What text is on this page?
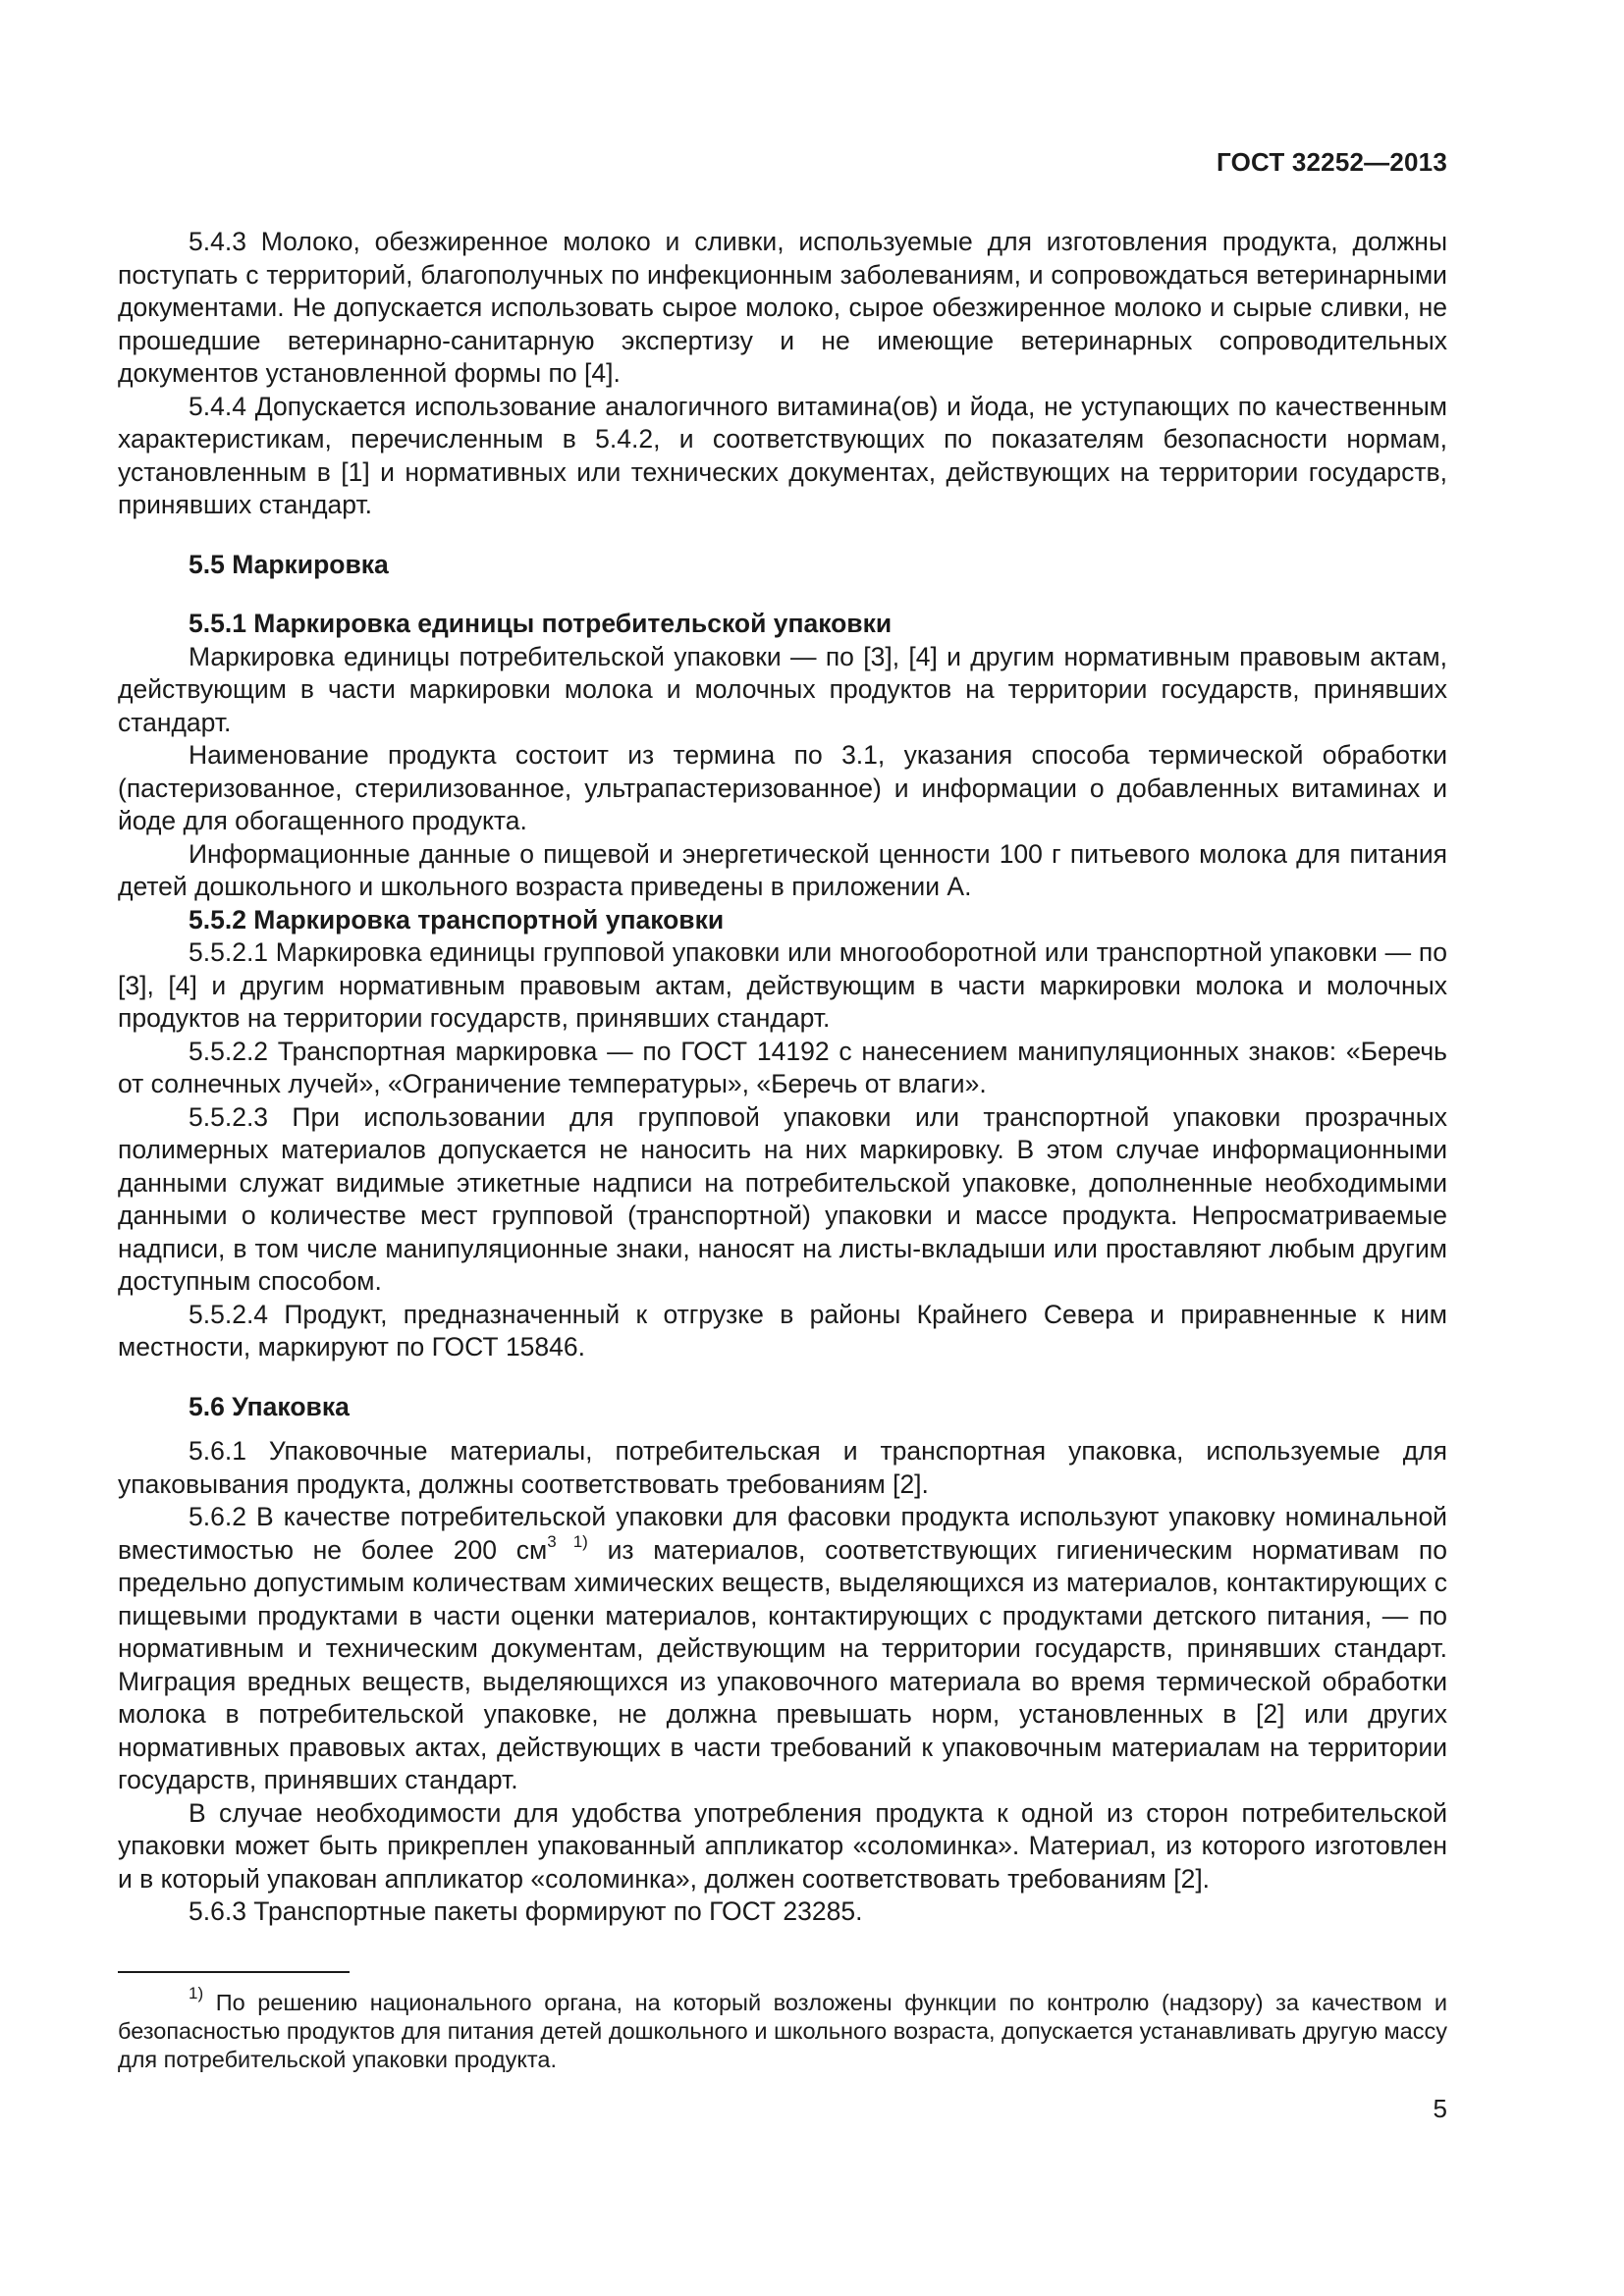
ГОСТ 32252—2013

5.4.3 Молоко, обезжиренное молоко и сливки, используемые для изготовления продукта, должны поступать с территорий, благополучных по инфекционным заболеваниям, и сопровождаться ветеринарными документами. Не допускается использовать сырое молоко, сырое обезжиренное молоко и сырые сливки, не прошедшие ветеринарно-санитарную экспертизу и не имеющие ветеринарных сопроводительных документов установленной формы по [4].

5.4.4 Допускается использование аналогичного витамина(ов) и йода, не уступающих по качественным характеристикам, перечисленным в 5.4.2, и соответствующих по показателям безопасности нормам, установленным в [1] и нормативных или технических документах, действующих на территории государств, принявших стандарт.

5.5 Маркировка
5.5.1 Маркировка единицы потребительской упаковки

Маркировка единицы потребительской упаковки — по [3], [4] и другим нормативным правовым актам, действующим в части маркировки молока и молочных продуктов на территории государств, принявших стандарт.

Наименование продукта состоит из термина по 3.1, указания способа термической обработки (пастеризованное, стерилизованное, ультрапастеризованное) и информации о добавленных витаминах и йоде для обогащенного продукта.

Информационные данные о пищевой и энергетической ценности 100 г питьевого молока для питания детей дошкольного и школьного возраста приведены в приложении А.

5.5.2 Маркировка транспортной упаковки

5.5.2.1 Маркировка единицы групповой упаковки или многооборотной или транспортной упаковки — по [3], [4] и другим нормативным правовым актам, действующим в части маркировки молока и молочных продуктов на территории государств, принявших стандарт.

5.5.2.2 Транспортная маркировка — по ГОСТ 14192 с нанесением манипуляционных знаков: «Беречь от солнечных лучей», «Ограничение температуры», «Беречь от влаги».

5.5.2.3 При использовании для групповой упаковки или транспортной упаковки прозрачных полимерных материалов допускается не наносить на них маркировку. В этом случае информационными данными служат видимые этикетные надписи на потребительской упаковке, дополненные необходимыми данными о количестве мест групповой (транспортной) упаковки и массе продукта. Непросматриваемые надписи, в том числе манипуляционные знаки, наносят на листы-вкладыши или проставляют любым другим доступным способом.

5.5.2.4 Продукт, предназначенный к отгрузке в районы Крайнего Севера и приравненные к ним местности, маркируют по ГОСТ 15846.

5.6 Упаковка

5.6.1 Упаковочные материалы, потребительская и транспортная упаковка, используемые для упаковывания продукта, должны соответствовать требованиям [2].

5.6.2 В качестве потребительской упаковки для фасовки продукта используют упаковку номинальной вместимостью не более 200 $см^{3 1)}$ из материалов, соответствующих гигиеническим нормативам по предельно допустимым количествам химических веществ, выделяющихся из материалов, контактирующих с пищевыми продуктами в части оценки материалов, контактирующих с продуктами детского питания, — по нормативным и техническим документам, действующим на территории государств, принявших стандарт. Миграция вредных веществ, выделяющихся из упаковочного материала во время термической обработки молока в потребительской упаковке, не должна превышать норм, установленных в [2] или других нормативных правовых актах, действующих в части требований к упаковочным материалам на территории государств, принявших стандарт.

В случае необходимости для удобства употребления продукта к одной из сторон потребительской упаковки может быть прикреплен упакованный аппликатор «соломинка». Материал, из которого изготовлен и в который упакован аппликатор «соломинка», должен соответствовать требованиям [2].

5.6.3 Транспортные пакеты формируют по ГОСТ 23285.

$^{1)}$ По решению национального органа, на который возложены функции по контролю (надзору) за качеством и безопасностью продуктов для питания детей дошкольного и школьного возраста, допускается устанавливать другую массу для потребительской упаковки продукта.

5
